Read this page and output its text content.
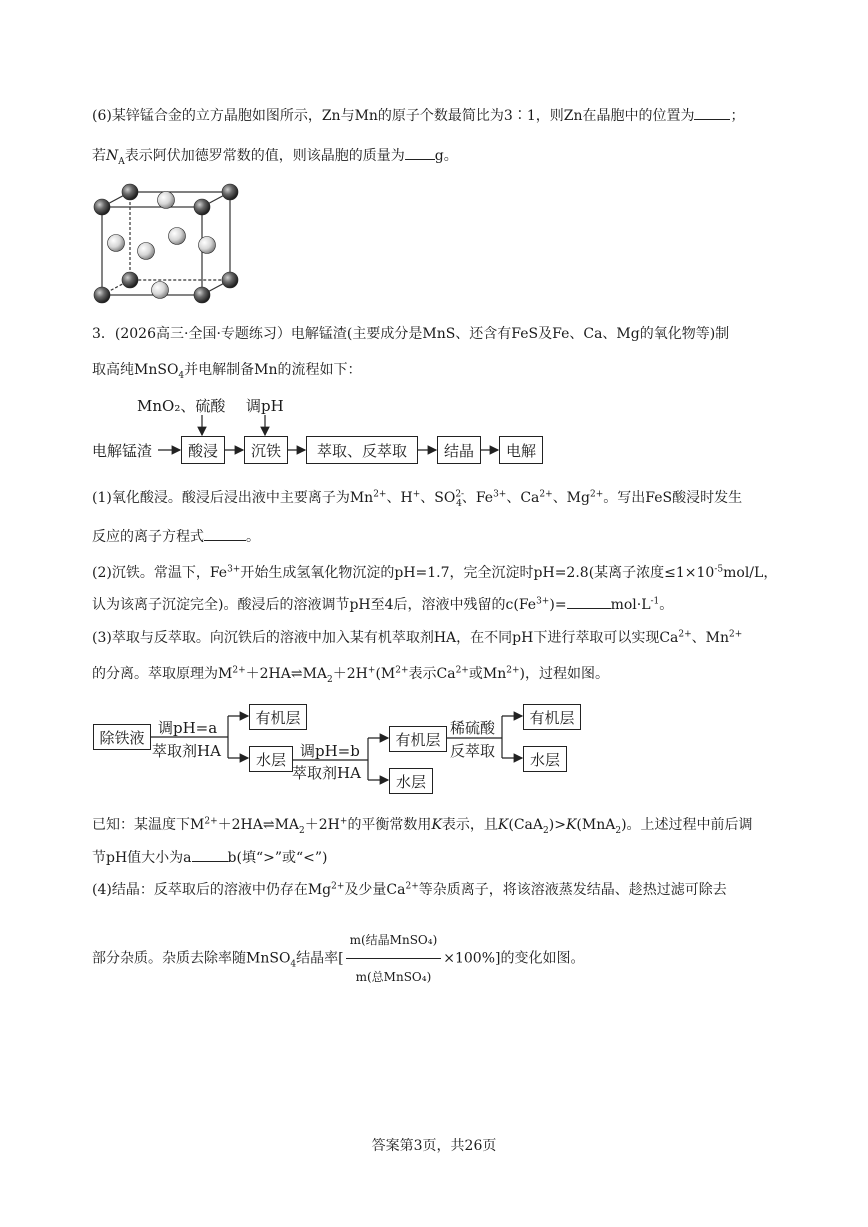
(6)某锌锰合金的立方晶胞如图所示，Zn与Mn的原子个数最简比为3∶1，则Zn在晶胞中的位置为	；
若$N_A$表示阿伏加德罗常数的值，则该晶胞的质量为 g。
3．(2026高三·全国·专题练习）电解锰渣(主要成分是MnS、还含有FeS及Fe、Ca、Mg的氧化物等)制
取高纯MnSO$_4$并电解制备Mn的流程如下：
MnO₂、硫酸 调pH
电解锰渣	酸浸	沉铁	萃取、反萃取	结晶	电解
(1)氧化酸浸。酸浸后浸出液中主要离子为$Mn^{2+}$、H+、$SO^{2-}_4$、$Fe^{3+}$、$Ca^{2+}$、$Mg^{2+}$。写出FeS酸浸时发生
反应的离子方程式	。
(2)沉铁。常温下，$Fe^{3+}$开始生成氢氧化物沉淀的pH=1.7，完全沉淀时pH=2.8(某离子浓度$\le 1\times 10^{-5}mol/L$，
认为该离子沉淀完全)。酸浸后的溶液调节pH至4后，溶液中残留的$c(Fe^{3+})=$	$mol\cdot L^{-1}$。
(3)萃取与反萃取。向沉铁后的溶液中加入某有机萃取剂HA，在不同pH下进行萃取可以实现$Ca^{2+}$、$Mn^{2+}$
的分离。萃取原理为$M^{2+}+2HA\rightleftharpoons MA_2+2H^+(M^{2+}$表示$Ca^{2+}$或$Mn^{2+}$)，过程如图。
除铁液
调pH=a
萃取剂HA
有机层
水层 调pH=b
萃取剂HA
有机层
水层
稀硫酸
反萃取
有机层
水层
已知：某温度下$M^{2+}+2HA\rightleftharpoons MA_2+2H^+$的平衡常数用K表示，且K(CaA$_2$)>K(MnA$_2$)。上述过程中前后调
节pH值大小为a	b(填“>”或“<”)
(4)结晶：反萃取后的溶液中仍存在$Mg^{2+}$及少量$Ca^{2+}$等杂质离子，将该溶液蒸发结晶、趁热过滤可除去
部分杂质。杂质去除率随MnSO$_4$结晶率[ $\frac{\text{m(结晶MnSO₄)}}{\text{m(总MnSO₄)}} \times 100\%$]的变化如图。
答案第3页，共26页
